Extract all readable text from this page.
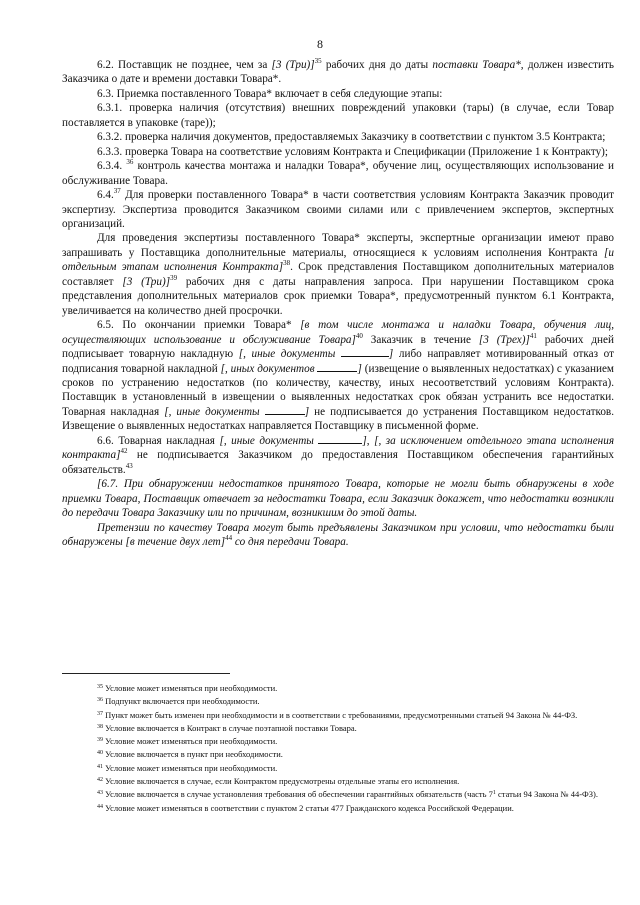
8

6.2. Поставщик не позднее, чем за [3 (Три)]$^{35}$ рабочих дня до даты поставки Товара*, должен известить Заказчика о дате и времени доставки Товара*.

6.3. Приемка поставленного Товара* включает в себя следующие этапы:

6.3.1. проверка наличия (отсутствия) внешних повреждений упаковки (тары) (в случае, если Товар поставляется в упаковке (таре));

6.3.2. проверка наличия документов, предоставляемых Заказчику в соответствии с пунктом 3.5 Контракта;

6.3.3. проверка Товара на соответствие условиям Контракта и Спецификации (Приложение 1 к Контракту);

6.3.4. $^{36}$ контроль качества монтажа и наладки Товара*, обучение лиц, осуществляющих использование и обслуживание Товара.

6.4.37 Для проверки поставленного Товара* в части соответствия условиям Контракта Заказчик проводит экспертизу. Экспертиза проводится Заказчиком своими силами или с привлечением экспертов, экспертных организаций.

Для проведения экспертизы поставленного Товара* эксперты, экспертные организации имеют право запрашивать у Поставщика дополнительные материалы, относящиеся к условиям исполнения Контракта [и отдельным этапам исполнения Контракта]$^{38}$. Срок представления Поставщиком дополнительных материалов составляет [3 (Три)]$^{39}$ рабочих дня с даты направления запроса. При нарушении Поставщиком срока представления дополнительных материалов срок приемки Товара*, предусмотренный пунктом 6.1 Контракта, увеличивается на количество дней просрочки.

6.5. По окончании приемки Товара* [в том числе монтажа и наладки Товара, обучения лиц, осуществляющих использование и обслуживание Товара]$^{40}$ Заказчик в течение [3 (Трех)]$^{41}$ рабочих дней подписывает товарную накладную [, иные документы	] либо направляет мотивированный отказ от подписания товарной накладной [, иных документов	] (извещение о выявленных недостатках) с указанием сроков по устранению недостатков (по количеству, качеству, иных несоответствий условиям Контракта). Поставщик в установленный в извещении о выявленных недостатках срок обязан устранить все недостатки. Товарная накладная [, иные документы	] не подписывается до устранения Поставщиком недостатков. Извещение о выявленных недостатках направляется Поставщику в письменной форме.

6.6. Товарная накладная [, иные документы	], [, за исключением отдельного этапа исполнения контракта]$^{42}$ не подписывается Заказчиком до предоставления Поставщиком обеспечения гарантийных обязательств.$^{43}$

[6.7. При обнаружении недостатков принятого Товара, которые не могли быть обнаружены в ходе приемки Товара, Поставщик отвечает за недостатки Товара, если Заказчик докажет, что недостатки возникли до передачи Товара Заказчику или по причинам, возникшим до этой даты.

Претензии по качеству Товара могут быть предъявлены Заказчиком при условии, что недостатки были обнаружены [в течение двух лет]$^{44}$ со дня передачи Товара.

$^{35}$ Условие может изменяться при необходимости.

$^{36}$ Подпункт включается при необходимости.

$^{37}$ Пункт может быть изменен при необходимости и в соответствии с требованиями, предусмотренными статьей 94 Закона № 44-ФЗ.

$^{38}$ Условие включается в Контракт в случае поэтапной поставки Товара.

$^{39}$ Условие может изменяться при необходимости.

$^{40}$ Условие включается в пункт при необходимости.

$^{41}$ Условие может изменяться при необходимости.

$^{42}$ Условие включается в случае, если Контрактом предусмотрены отдельные этапы его исполнения.

$^{43}$ Условие включается в случае установления требования об обеспечении гарантийных обязательств (часть $7^1$ статьи 94 Закона № 44-ФЗ).

$^{44}$ Условие может изменяться в соответствии с пунктом 2 статьи 477 Гражданского кодекса Российской Федерации.
